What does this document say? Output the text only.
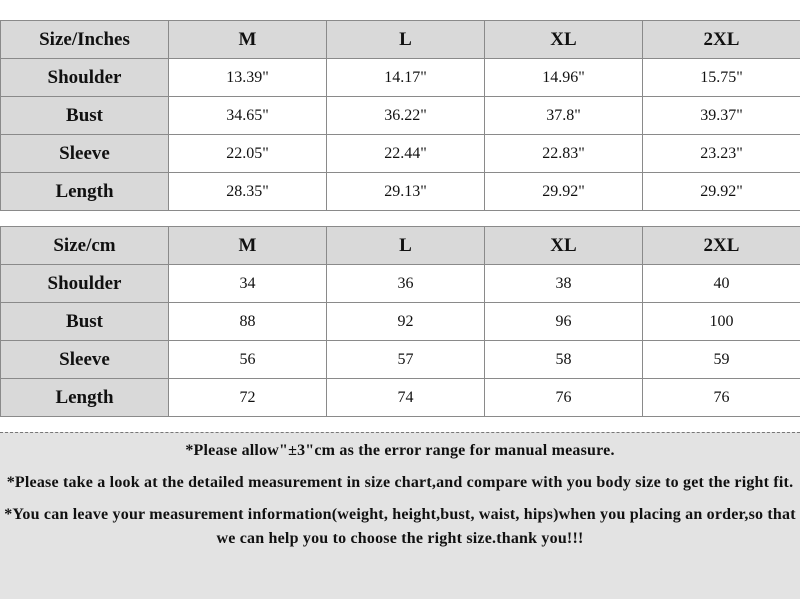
Size/Inches	M	L	XL	2XL
Shoulder	13.39"	14.17"	14.96"	15.75"
Bust	34.65"	36.22"	37.8"	39.37"
Sleeve	22.05"	22.44"	22.83"	23.23"
Length	28.35"	29.13"	29.92"	29.92"
Size/cm	M	L	XL	2XL
Shoulder	34	36	38	40
Bust	88	92	96	100
Sleeve	56	57	58	59
Length	72	74	76	76

*Please allow"±3"cm as the error range for manual measure.

*Please take a look at the detailed measurement in size chart,and compare with you body size to get the right fit.

*You can leave your measurement information(weight, height,bust, waist, hips)when you placing an order,so that we can help you to choose the right size.thank you!!!
